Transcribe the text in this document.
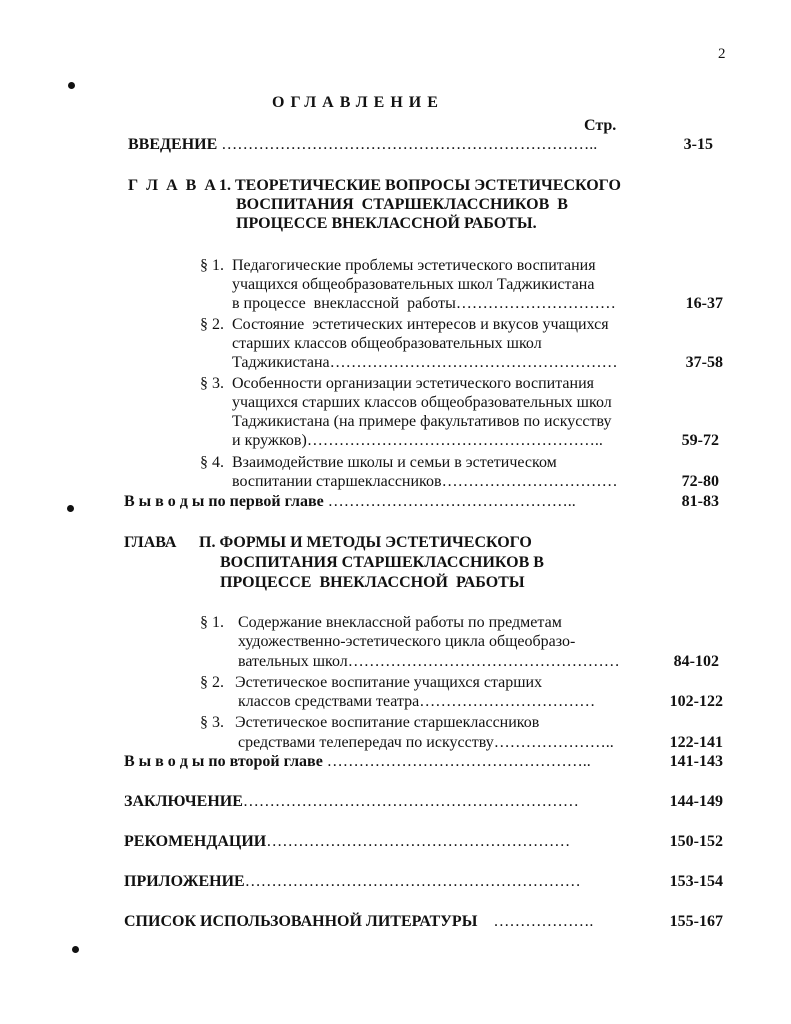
2
ОГЛАВЛЕНИЕ
Стр.
ВВЕДЕНИЕ ……………………………………………………………..	3-15
Г Л А В А 1. ТЕОРЕТИЧЕСКИЕ ВОПРОСЫ ЭСТЕТИЧЕСКОГО
ВОСПИТАНИЯ  СТАРШЕКЛАССНИКОВ  В
ПРОЦЕССЕ ВНЕКЛАССНОЙ РАБОТЫ.
§ 1. Педагогические проблемы эстетического воспитания
учащихся общеобразовательных школ Таджикистана
в процессе  внеклассной  работы…………………………	16-37
§ 2. Состояние  эстетических интересов и вкусов учащихся
старших классов общеобразовательных школ
Таджикистана………………………………………………	37-58
§ 3. Особенности организации эстетического воспитания
учащихся старших классов общеобразовательных школ
Таджикистана (на примере факультативов по искусству
и кружков)………………………………………………..	59-72
§ 4. Взаимодействие школы и семьи в эстетическом
воспитании старшеклассников……………………………	72-80
В ы в о д ы по первой главе ………………………………………..	81-83
ГЛАВА П. ФОРМЫ И МЕТОДЫ ЭСТЕТИЧЕСКОГО
ВОСПИТАНИЯ СТАРШЕКЛАССНИКОВ В
ПРОЦЕССЕ  ВНЕКЛАССНОЙ  РАБОТЫ
§ 1. Содержание внеклассной работы по предметам
художественно-эстетического цикла общеобразо-
вательных школ……………………………………………	84-102
§ 2. Эстетическое воспитание учащихся старших
классов средствами театра……………………………	102-122
§ 3. Эстетическое воспитание старшеклассников
средствами телепередач по искусству…………………..	122-141
В ы в о д ы по второй главе …………………………………………..	141-143
ЗАКЛЮЧЕНИЕ………………………………………………………	144-149
РЕКОМЕНДАЦИИ…………………………………………………	150-152
ПРИЛОЖЕНИЕ………………………………………………………	153-154
СПИСОК ИСПОЛЬЗОВАННОЙ ЛИТЕРАТУРЫ ……………….	155-167
